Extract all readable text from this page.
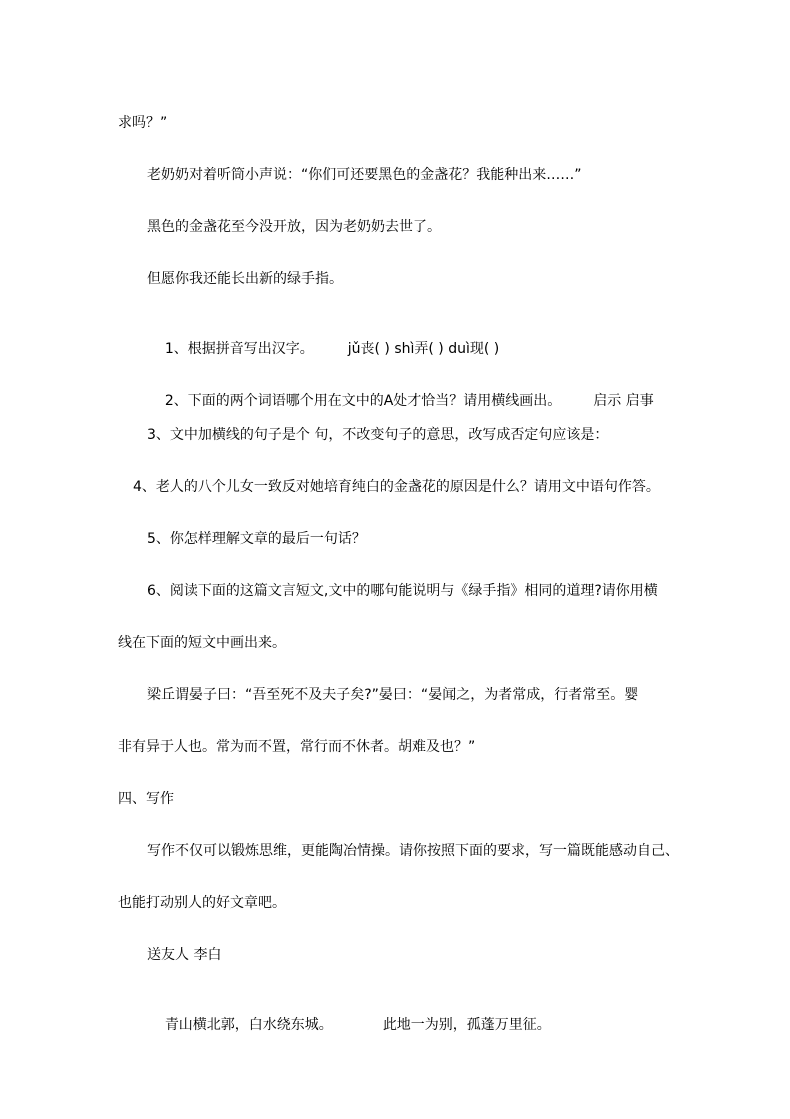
求吗？”
老奶奶对着听筒小声说：“你们可还要黑色的金盏花？我能种出来……”
黑色的金盏花至今没开放，因为老奶奶去世了。
但愿你我还能长出新的绿手指。

1、根据拼音写出汉字。 jǔ丧( ) shì弄( ) duì现( )

2、下面的两个词语哪个用在文中的A处才恰当？请用横线画出。 启示 启事

3、文中加横线的句子是个 句，不改变句子的意思，改写成否定句应该是：
4、老人的八个儿女一致反对她培育纯白的金盏花的原因是什么？请用文中语句作答。
5、你怎样理解文章的最后一句话？
6、阅读下面的这篇文言短文,文中的哪句能说明与《绿手指》相同的道理?请你用横
线在下面的短文中画出来。
梁丘谓晏子曰：“吾至死不及夫子矣?”晏曰：“晏闻之，为者常成，行者常至。婴
非有异于人也。常为而不置，常行而不休者。胡难及也？”
四、写作
写作不仅可以锻炼思维，更能陶冶情操。请你按照下面的要求，写一篇既能感动自己、
也能打动别人的好文章吧。
送友人 李白

青山横北郭，白水绕东城。	此地一为别，孤蓬万里征。
